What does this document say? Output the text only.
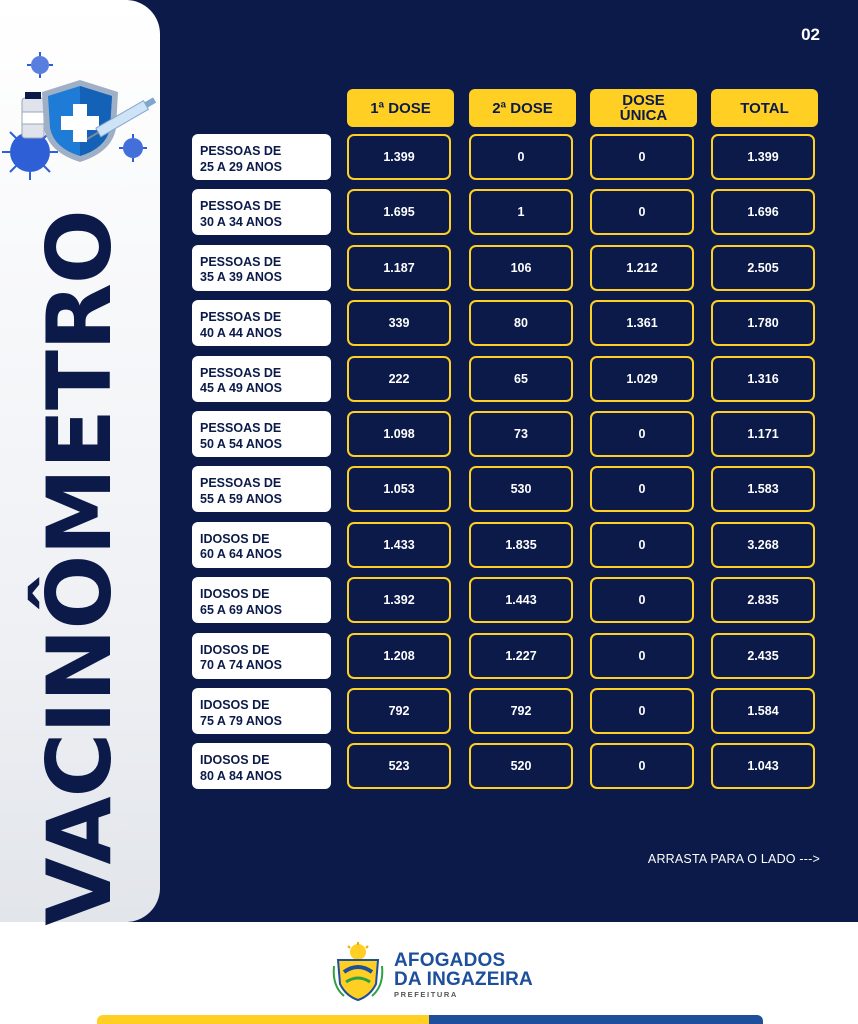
VACINÔMETRO
02
1ª DOSE	2ª DOSE	DOSE ÚNICA	TOTAL
PESSOAS DE
25 A 29 ANOS
1.399	0	0	1.399
PESSOAS DE
30 A 34 ANOS
1.695	1	0	1.696
PESSOAS DE
35 A 39 ANOS
1.187	106	1.212	2.505
PESSOAS DE
40 A 44 ANOS
339	80	1.361	1.780
PESSOAS DE
45 A 49 ANOS
222	65	1.029	1.316
PESSOAS DE
50 A 54 ANOS
1.098	73	0	1.171
PESSOAS DE
55 A 59 ANOS
1.053	530	0	1.583
IDOSOS DE
60 A 64 ANOS
1.433	1.835	0	3.268
IDOSOS DE
65 A 69 ANOS
1.392	1.443	0	2.835
IDOSOS DE
70 A 74 ANOS
1.208	1.227	0	2.435
IDOSOS DE
75 A 79 ANOS
792	792	0	1.584
IDOSOS DE
80 A 84 ANOS
523	520	0	1.043
ARRASTA PARA O LADO --->
AFOGADOS
DA INGAZEIRA
PREFEITURA
